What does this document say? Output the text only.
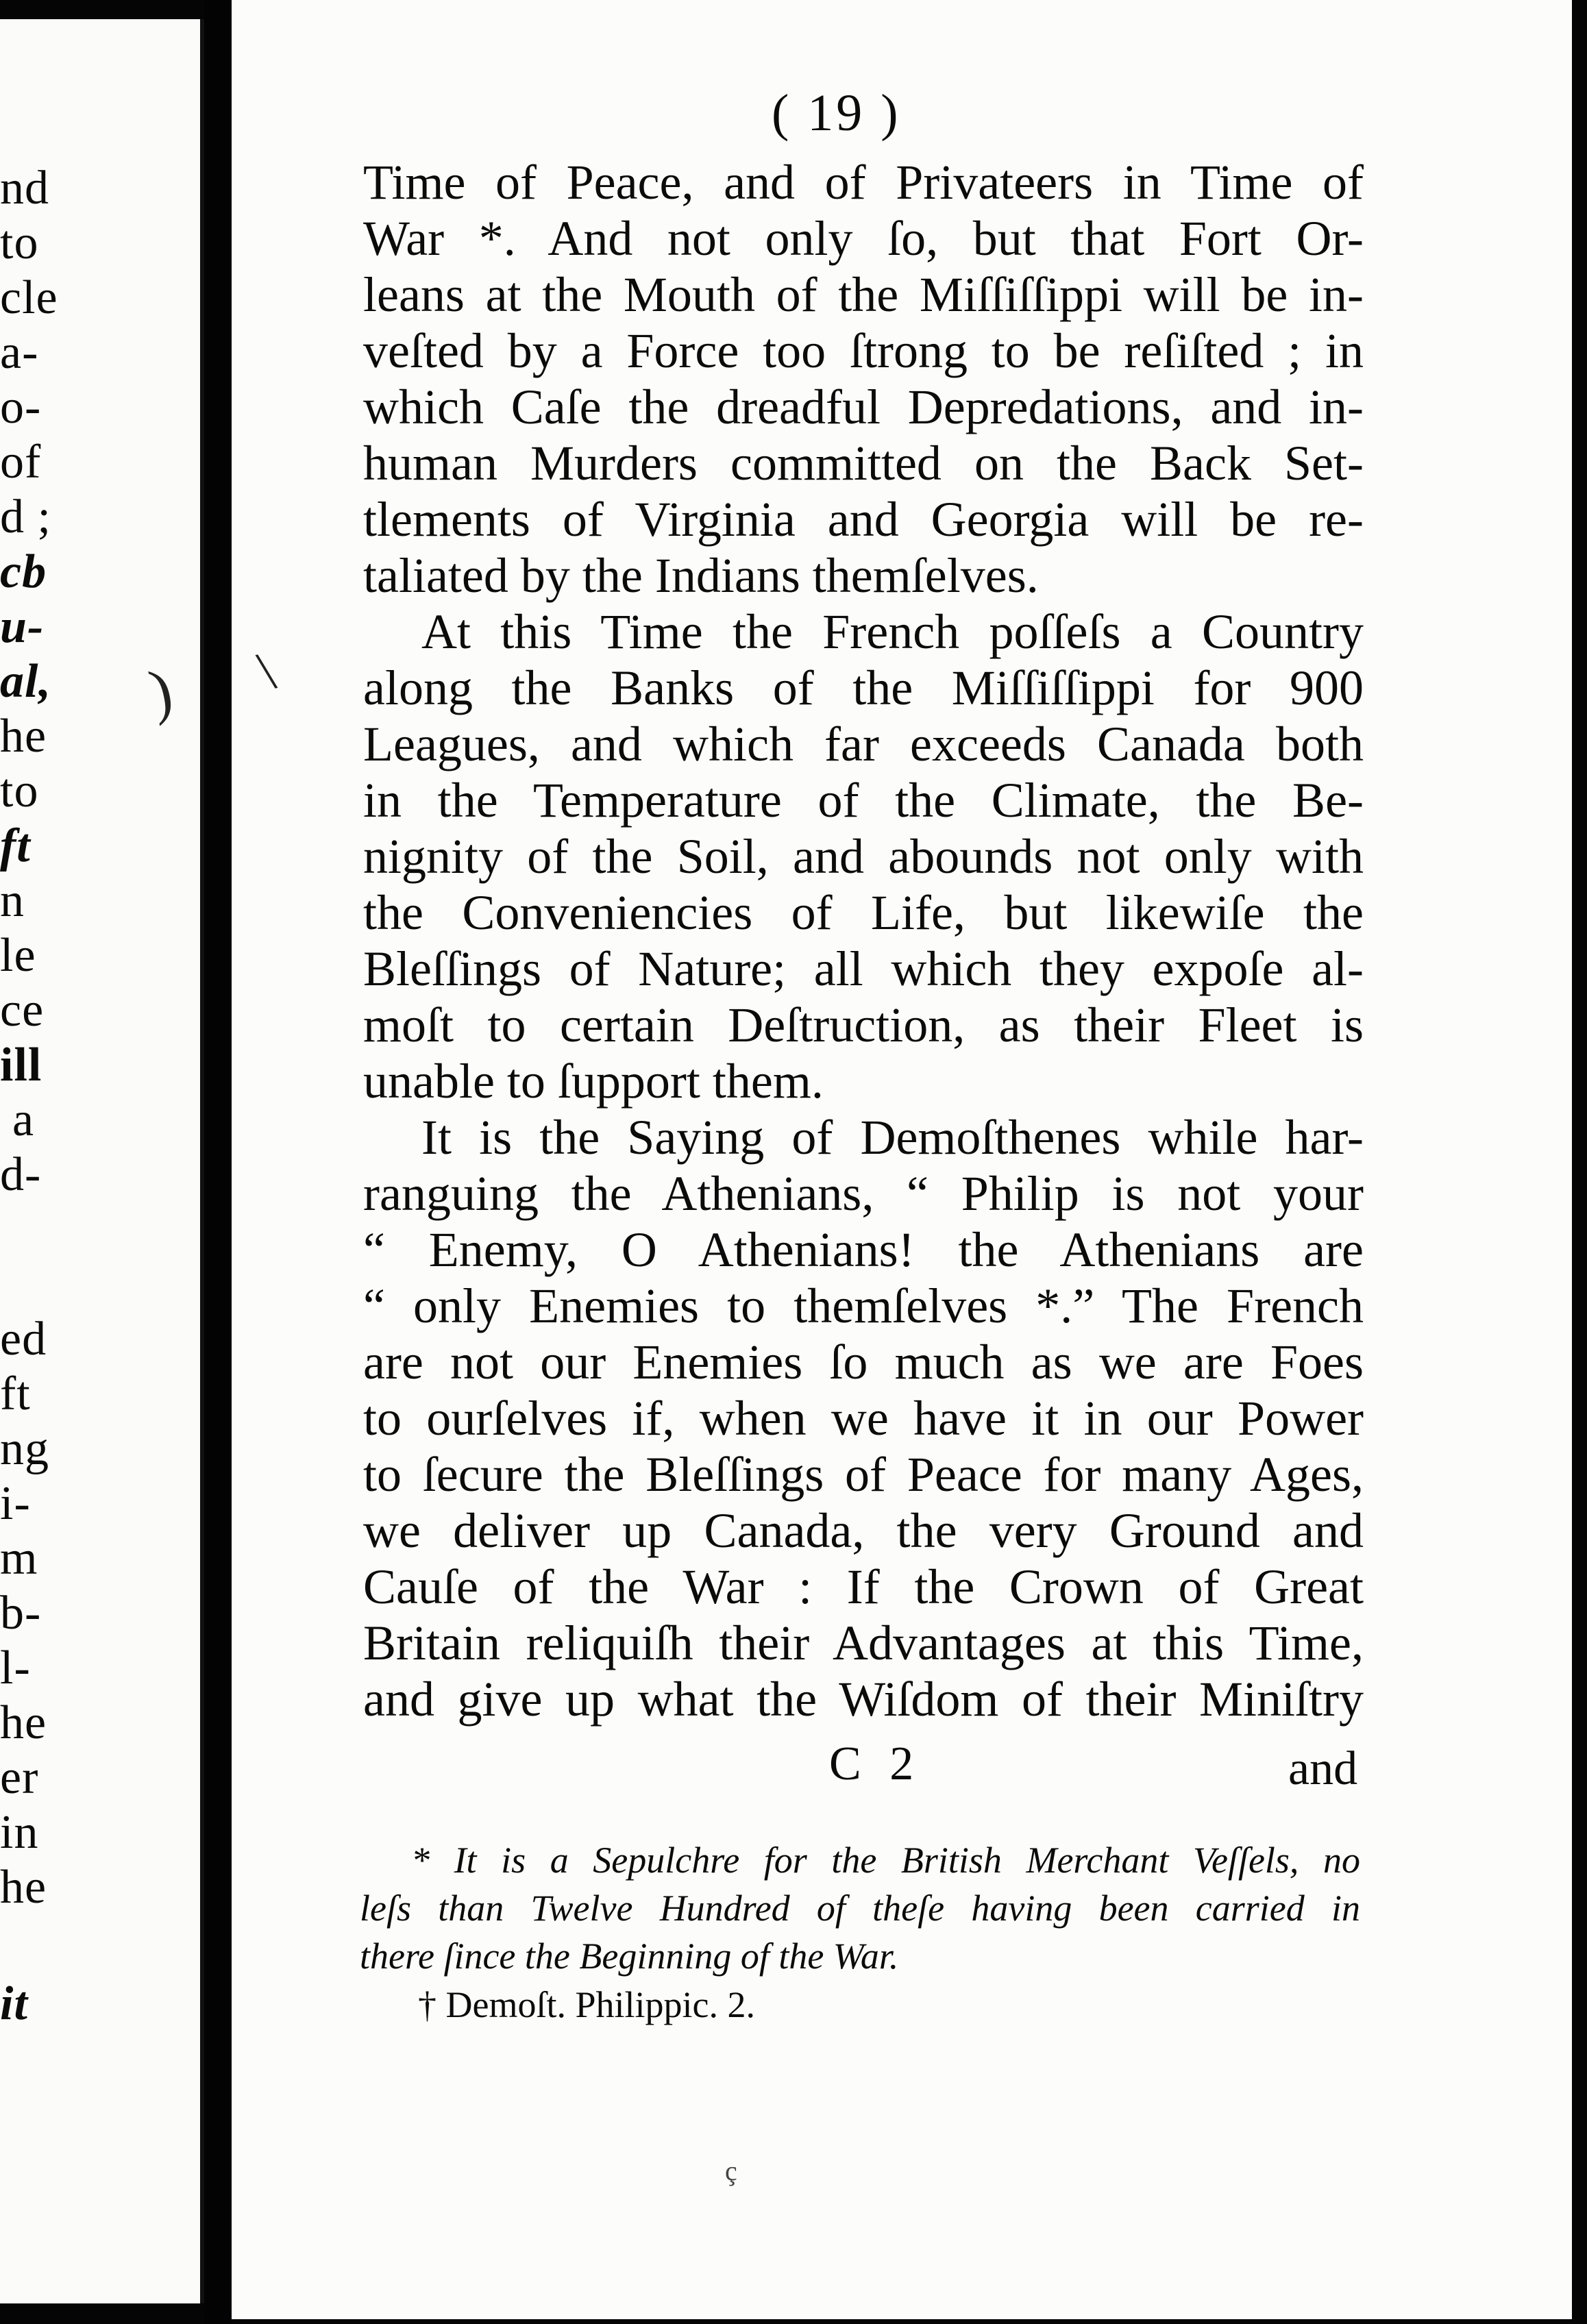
nd
to
cle
a-
o-
of
d ;
cb
u-
al,
he
to
ft
n
le
ce
ill
a
d-
ed
ft
ng
i-
m
b-
l-
he
er
in
he
it
) \
ç
( 19 )
Time of Peace, and of Privateers in Time of
War *. And not only ſo, but that Fort Or-
leans at the Mouth of the Miſſiſſippi will be in-
veſted by a Force too ſtrong to be reſiſted ; in
which Caſe the dreadful Depredations, and in-
human Murders committed on the Back Set-
tlements of Virginia and Georgia will be re-
taliated by the Indians themſelves.
At this Time the French poſſeſs a Country
along the Banks of the Miſſiſſippi for 900
Leagues, and which far exceeds Canada both
in the Temperature of the Climate, the Be-
nignity of the Soil, and abounds not only with
the Conveniencies of Life, but likewiſe the
Bleſſings of Nature; all which they expoſe al-
moſt to certain Deſtruction, as their Fleet is
unable to ſupport them.
It is the Saying of Demoſthenes while har-
ranguing the Athenians, “ Philip is not your
“ Enemy, O Athenians! the Athenians are
“ only Enemies to themſelves *.” The French
are not our Enemies ſo much as we are Foes
to ourſelves if, when we have it in our Power
to ſecure the Bleſſings of Peace for many Ages,
we deliver up Canada, the very Ground and
Cauſe of the War : If the Crown of Great
Britain reliquiſh their Advantages at this Time,
and give up what the Wiſdom of their Miniſtry
C 2	and
* It is a Sepulchre for the British Merchant Veſſels, no
leſs than Twelve Hundred of theſe having been carried in
there ſince the Beginning of the War.
† Demoſt. Philippic. 2.
